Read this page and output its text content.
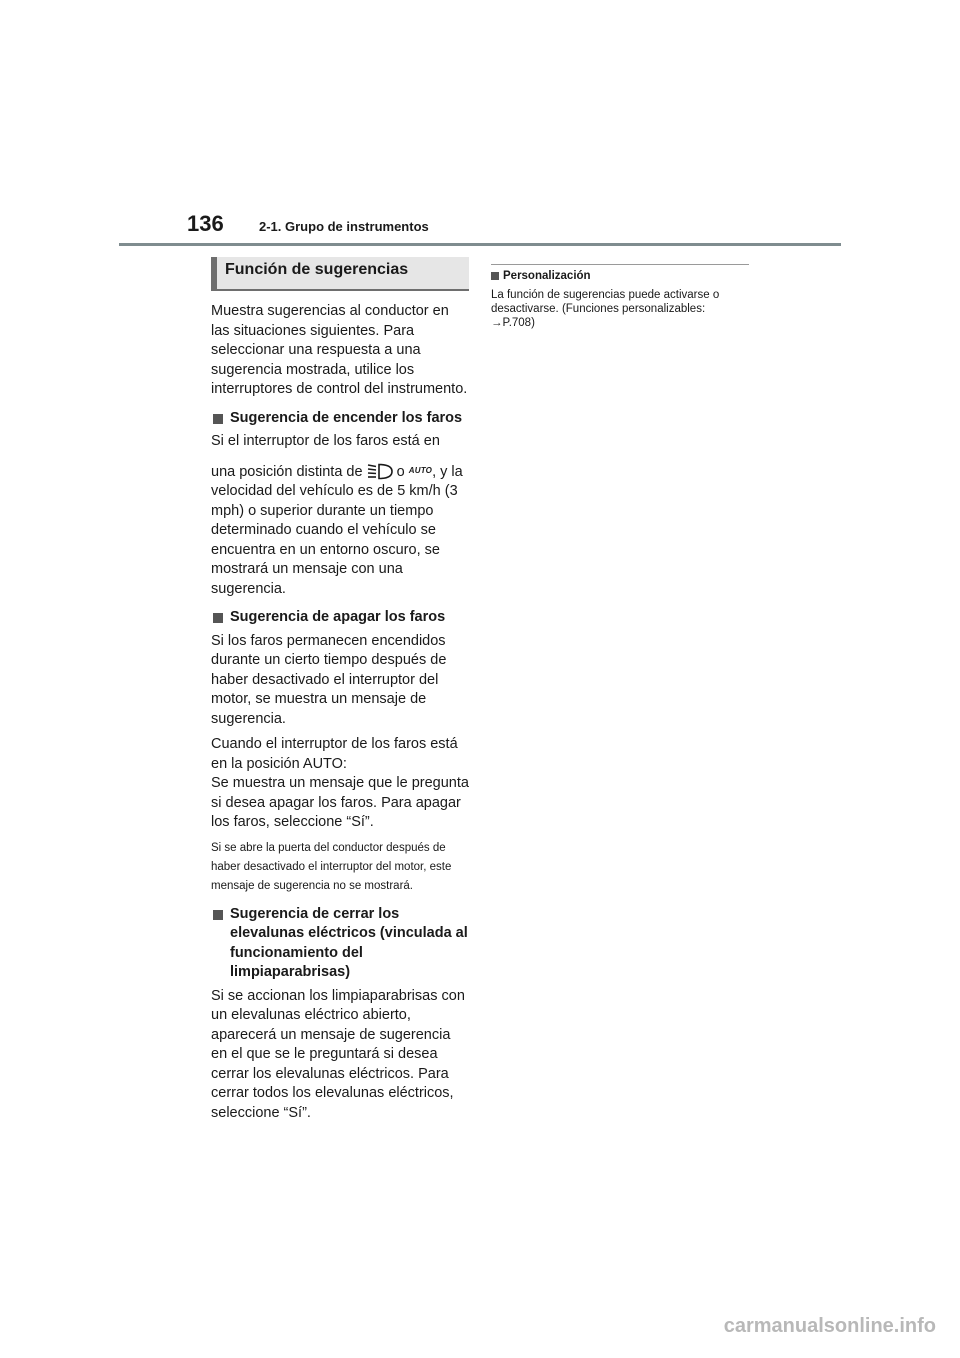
136	2-1. Grupo de instrumentos
Función de sugerencias

Muestra sugerencias al conductor en las situaciones siguientes. Para seleccionar una respuesta a una sugerencia mostrada, utilice los interruptores de control del instrumento.

Sugerencia de encender los faros

Si el interruptor de los faros está en

una posición distinta de o $^{AUTO}$, y la velocidad del vehículo es de 5 km/h (3 mph) o superior durante un tiempo determinado cuando el vehículo se encuentra en un entorno oscuro, se mostrará un mensaje con una sugerencia.

Sugerencia de apagar los faros

Si los faros permanecen encendidos durante un cierto tiempo después de haber desactivado el interruptor del motor, se muestra un mensaje de sugerencia.

Cuando el interruptor de los faros está en la posición AUTO:
Se muestra un mensaje que le pregunta si desea apagar los faros. Para apagar los faros, seleccione “Sí”.

Si se abre la puerta del conductor después de haber desactivado el interruptor del motor, este mensaje de sugerencia no se mostrará.

Sugerencia de cerrar los elevalunas eléctricos (vinculada al funcionamiento del limpiaparabrisas)

Si se accionan los limpiaparabrisas con un elevalunas eléctrico abierto, aparecerá un mensaje de sugerencia en el que se le preguntará si desea cerrar los elevalunas eléctricos. Para cerrar todos los elevalunas eléctricos, seleccione “Sí”.

Personalización

La función de sugerencias puede activarse o desactivarse. (Funciones personalizables: →P.708)

carmanualsonline.info
